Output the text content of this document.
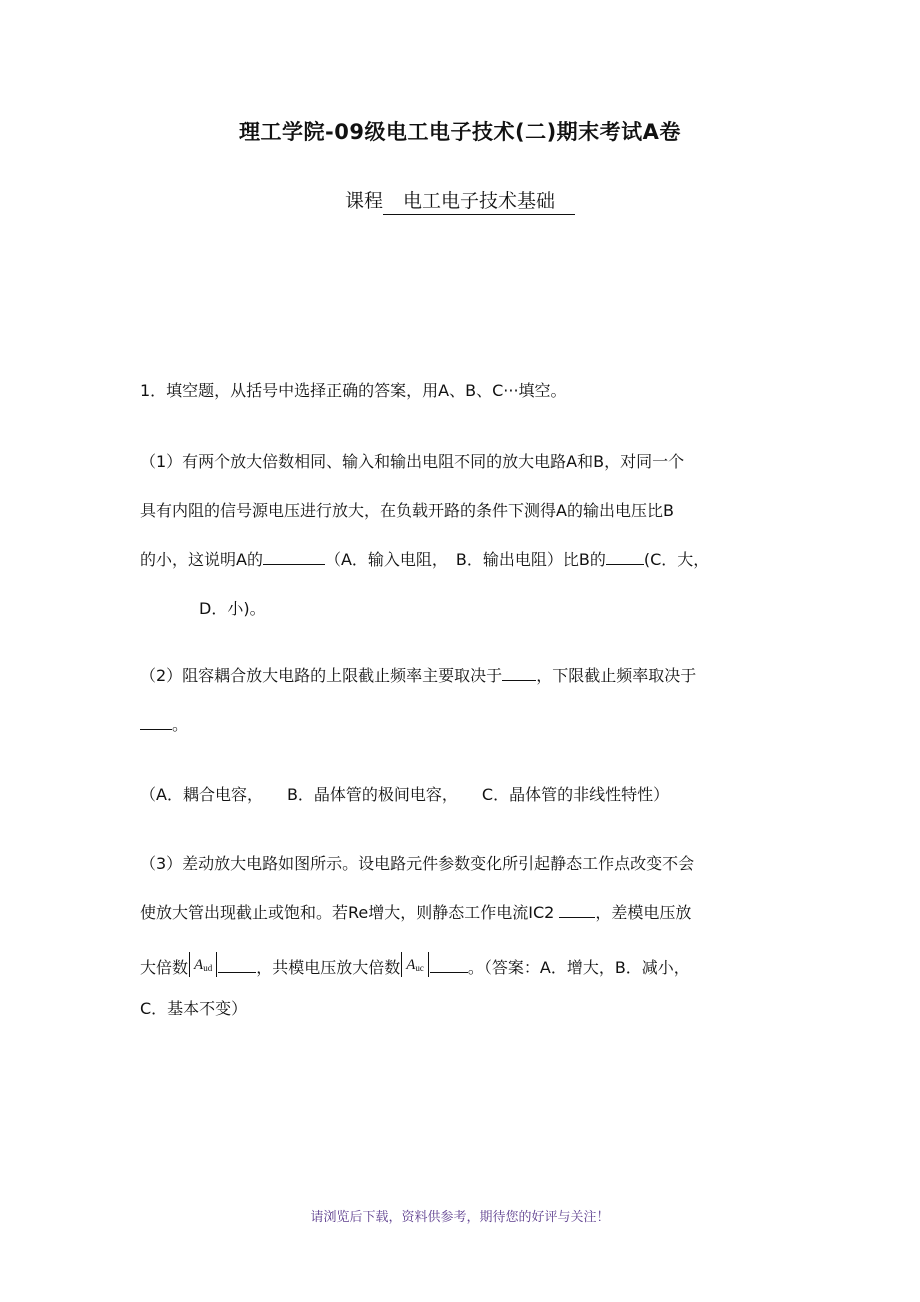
理工学院-09级电工电子技术(二)期末考试A卷
课程 电工电子技术基础
1．填空题，从括号中选择正确的答案，用A、B、C···填空。
（1）有两个放大倍数相同、输入和输出电阻不同的放大电路A和B，对同一个
具有内阻的信号源电压进行放大，在负载开路的条件下测得A的输出电压比B
的小，这说明A的	（A．输入电阻，　B．输出电阻）比B的 (C．大，
D．小)。
（2）阻容耦合放大电路的上限截止频率主要取决于 ，下限截止频率取决于
。
（A．耦合电容，　　B．晶体管的极间电容，　　C．晶体管的非线性特性）
（3）差动放大电路如图所示。设电路元件参数变化所引起静态工作点改变不会
使放大管出现截止或饱和。若Re增大，则静态工作电流IC2 ，差模电压放
大倍数 $A_{ud}$	，共模电压放大倍数 $A_{uc}$	。（答案：A．增大，B．减小，
C．基本不变）
请浏览后下载，资料供参考，期待您的好评与关注！
